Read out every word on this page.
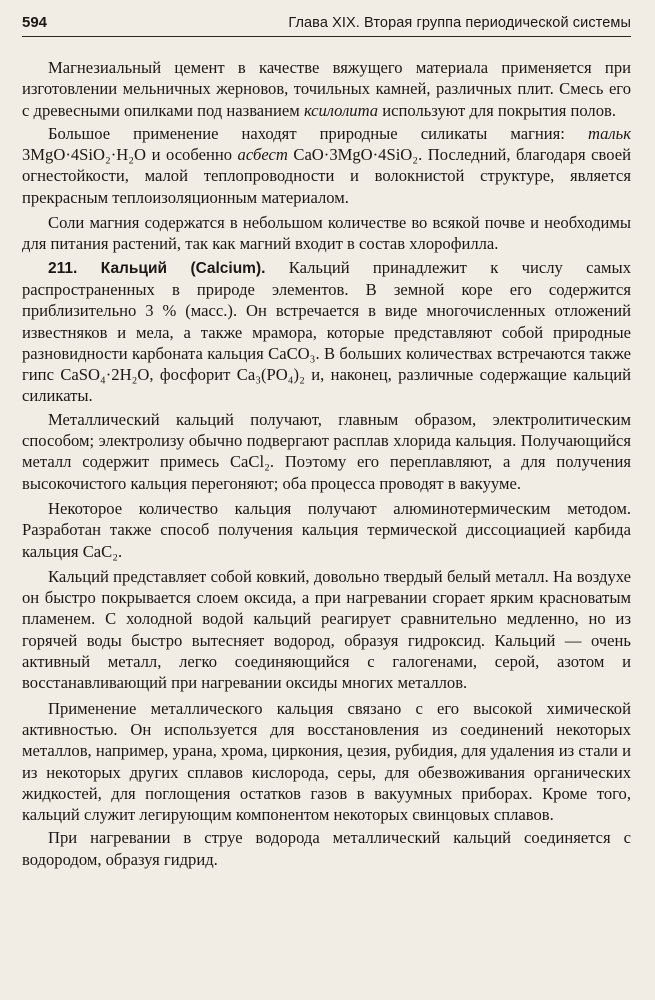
594	Глава XIX. Вторая группа периодической системы

Магнезиальный цемент в качестве вяжущего материала применяется при изготовлении мельничных жерновов, точильных камней, различных плит. Смесь его с древесными опилками под названием ксилолита используют для покрытия полов.

Большое применение находят природные силикаты магния: тальк 3MgO·4SiO₂·H₂O и особенно асбест CaO·3MgO·4SiO₂. Последний, благодаря своей огнестойкости, малой теплопроводности и волокнистой структуре, является прекрасным теплоизоляционным материалом.

Соли магния содержатся в небольшом количестве во всякой почве и необходимы для питания растений, так как магний входит в состав хлорофилла.

211. Кальций (Calcium). Кальций принадлежит к числу самых распространенных в природе элементов. В земной коре его содержится приблизительно 3 % (масс.). Он встречается в виде многочисленных отложений известняков и мела, а также мрамора, которые представляют собой природные разновидности карбоната кальция CaCO₃. В больших количествах встречаются также гипс CaSO₄·2H₂O, фосфорит Ca₃(PO₄)₂ и, наконец, различные содержащие кальций силикаты.

Металлический кальций получают, главным образом, электролитическим способом; электролизу обычно подвергают расплав хлорида кальция. Получающийся металл содержит примесь CaCl₂. Поэтому его переплавляют, а для получения высокочистого кальция перегоняют; оба процесса проводят в вакууме.

Некоторое количество кальция получают алюминотермическим методом. Разработан также способ получения кальция термической диссоциацией карбида кальция CaC₂.

Кальций представляет собой ковкий, довольно твердый белый металл. На воздухе он быстро покрывается слоем оксида, а при нагревании сгорает ярким красноватым пламенем. С холодной водой кальций реагирует сравнительно медленно, но из горячей воды быстро вытесняет водород, образуя гидроксид. Кальций — очень активный металл, легко соединяющийся с галогенами, серой, азотом и восстанавливающий при нагревании оксиды многих металлов.

Применение металлического кальция связано с его высокой химической активностью. Он используется для восстановления из соединений некоторых металлов, например, урана, хрома, циркония, цезия, рубидия, для удаления из стали и из некоторых других сплавов кислорода, серы, для обезвоживания органических жидкостей, для поглощения остатков газов в вакуумных приборах. Кроме того, кальций служит легирующим компонентом некоторых свинцовых сплавов.

При нагревании в струе водорода металлический кальций соединяется с водородом, образуя гидрид.
